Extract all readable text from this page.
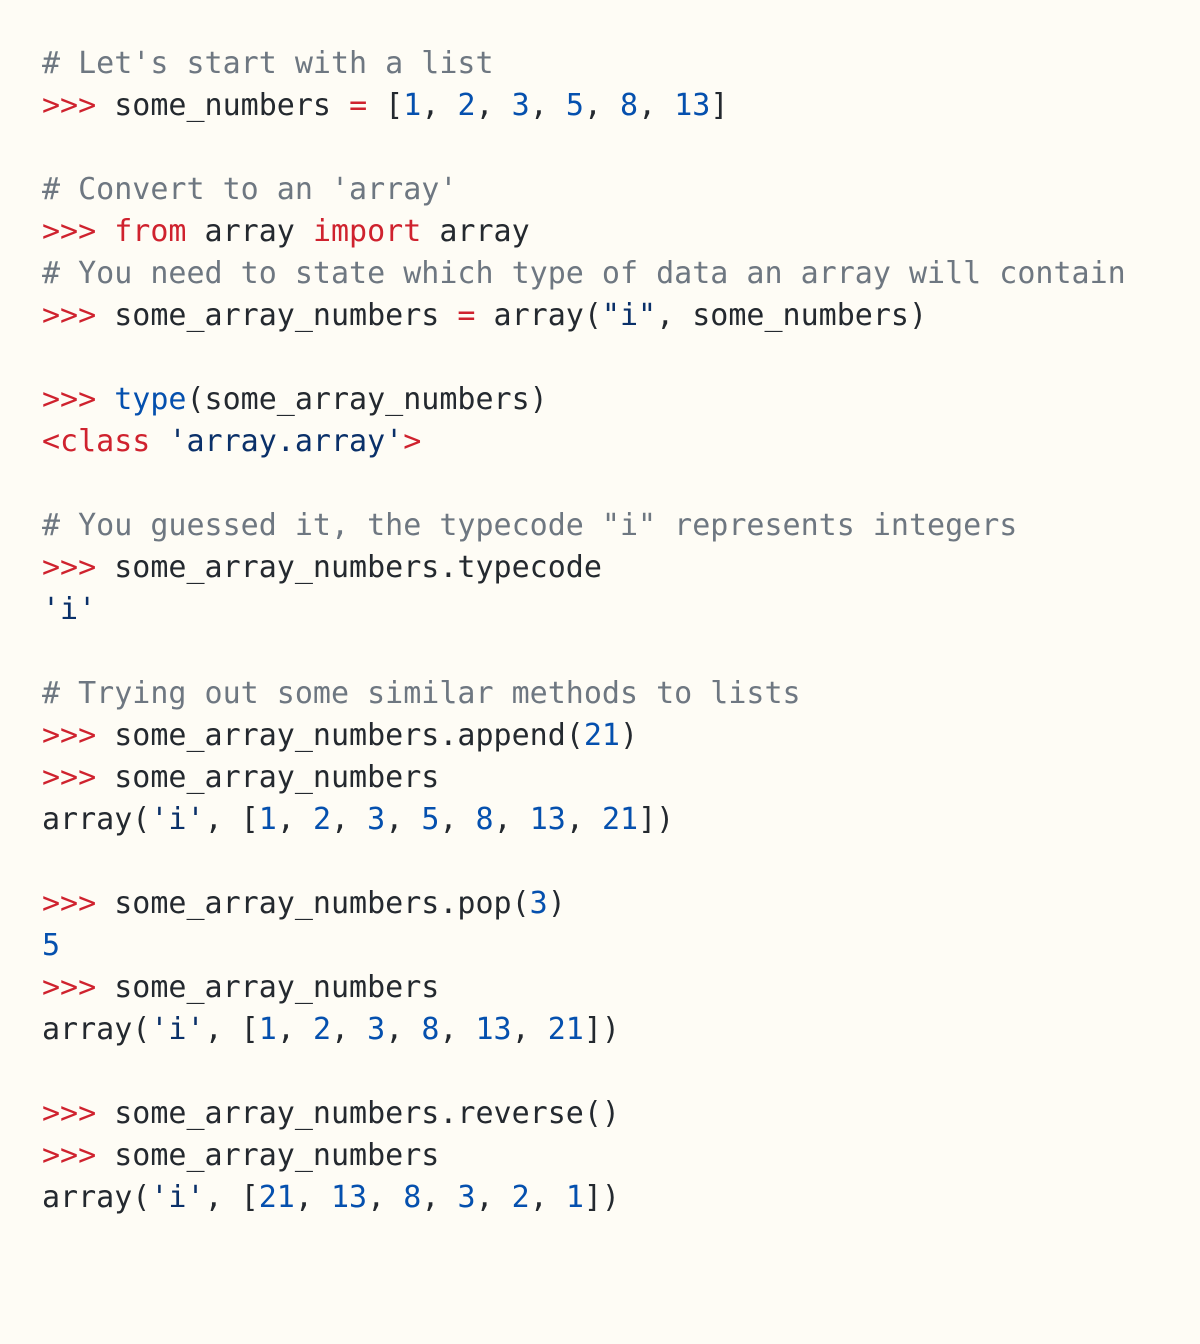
# Let's start with a list
>>> some_numbers = [1, 2, 3, 5, 8, 13]
# Convert to an 'array'
>>> from array import array
# You need to state which type of data an array will contain
>>> some_array_numbers = array("i", some_numbers)
>>> type(some_array_numbers)
<class 'array.array'>
# You guessed it, the typecode "i" represents integers
>>> some_array_numbers.typecode
'i'
# Trying out some similar methods to lists
>>> some_array_numbers.append(21)
>>> some_array_numbers
array('i', [1, 2, 3, 5, 8, 13, 21])
>>> some_array_numbers.pop(3)
5
>>> some_array_numbers
array('i', [1, 2, 3, 8, 13, 21])
>>> some_array_numbers.reverse()
>>> some_array_numbers
array('i', [21, 13, 8, 3, 2, 1])
